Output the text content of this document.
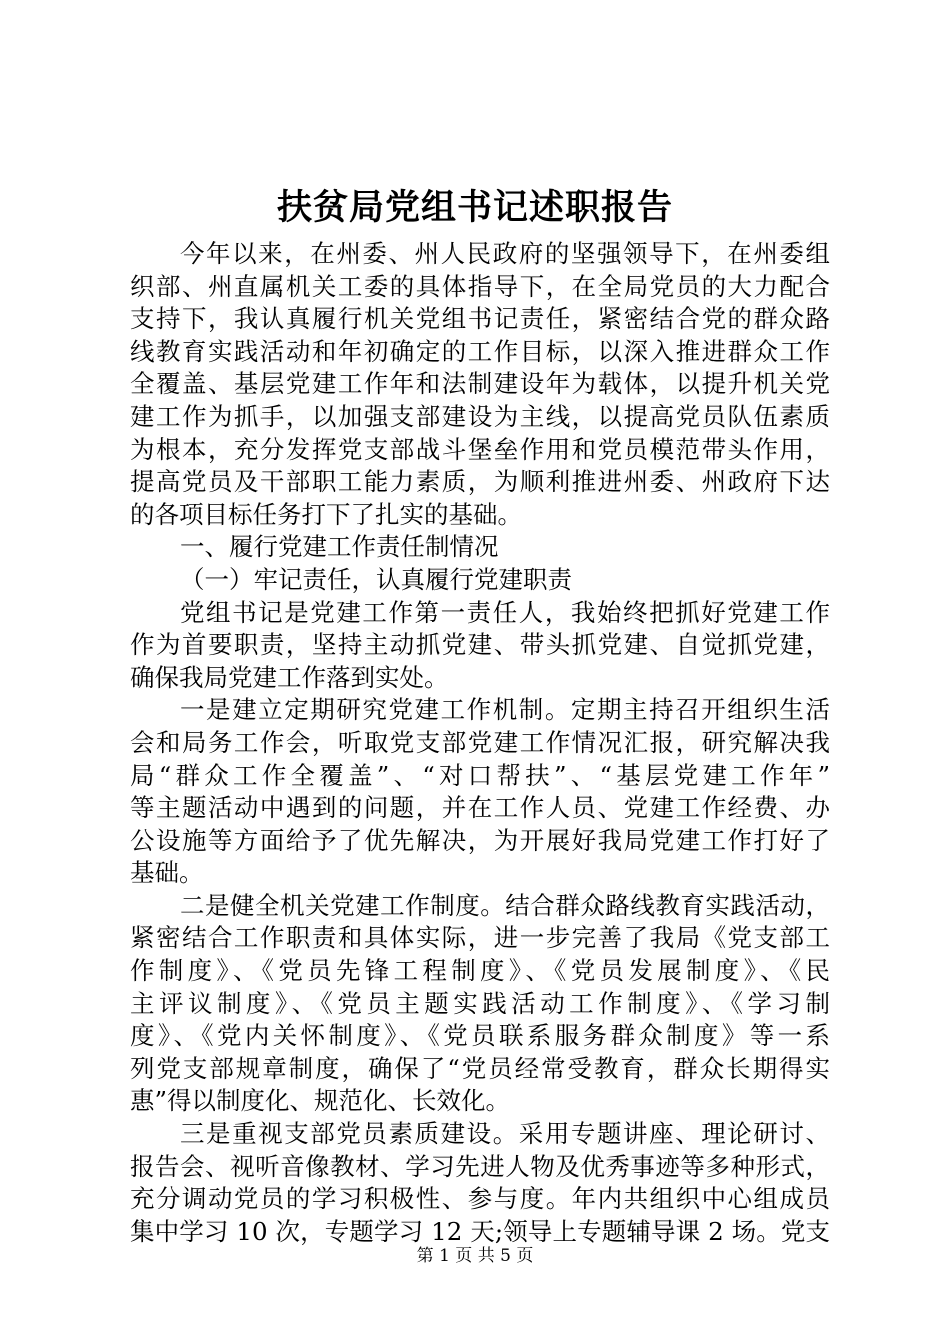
扶贫局党组书记述职报告
今年以来，在州委、州人民政府的坚强领导下，在州委组
织部、州直属机关工委的具体指导下，在全局党员的大力配合
支持下，我认真履行机关党组书记责任，紧密结合党的群众路
线教育实践活动和年初确定的工作目标，以深入推进群众工作
全覆盖、基层党建工作年和法制建设年为载体，以提升机关党
建工作为抓手，以加强支部建设为主线，以提高党员队伍素质
为根本，充分发挥党支部战斗堡垒作用和党员模范带头作用，
提高党员及干部职工能力素质，为顺利推进州委、州政府下达
的各项目标任务打下了扎实的基础。
一、履行党建工作责任制情况
（一）牢记责任，认真履行党建职责
党组书记是党建工作第一责任人，我始终把抓好党建工作
作为首要职责，坚持主动抓党建、带头抓党建、自觉抓党建，
确保我局党建工作落到实处。
一是建立定期研究党建工作机制。定期主持召开组织生活
会和局务工作会，听取党支部党建工作情况汇报，研究解决我
局“群众工作全覆盖”、“对口帮扶”、“基层党建工作年”
等主题活动中遇到的问题，并在工作人员、党建工作经费、办
公设施等方面给予了优先解决，为开展好我局党建工作打好了
基础。
二是健全机关党建工作制度。结合群众路线教育实践活动，
紧密结合工作职责和具体实际，进一步完善了我局《党支部工
作制度》、《党员先锋工程制度》、《党员发展制度》、《民
主评议制度》、《党员主题实践活动工作制度》、《学习制
度》、《党内关怀制度》、《党员联系服务群众制度》等一系
列党支部规章制度，确保了“党员经常受教育，群众长期得实
惠”得以制度化、规范化、长效化。
三是重视支部党员素质建设。采用专题讲座、理论研讨、
报告会、视听音像教材、学习先进人物及优秀事迹等多种形式，
充分调动党员的学习积极性、参与度。年内共组织中心组成员
集中学习 10 次，专题学习 12 天;领导上专题辅导课 2 场。党支
第 1 页 共 5 页
